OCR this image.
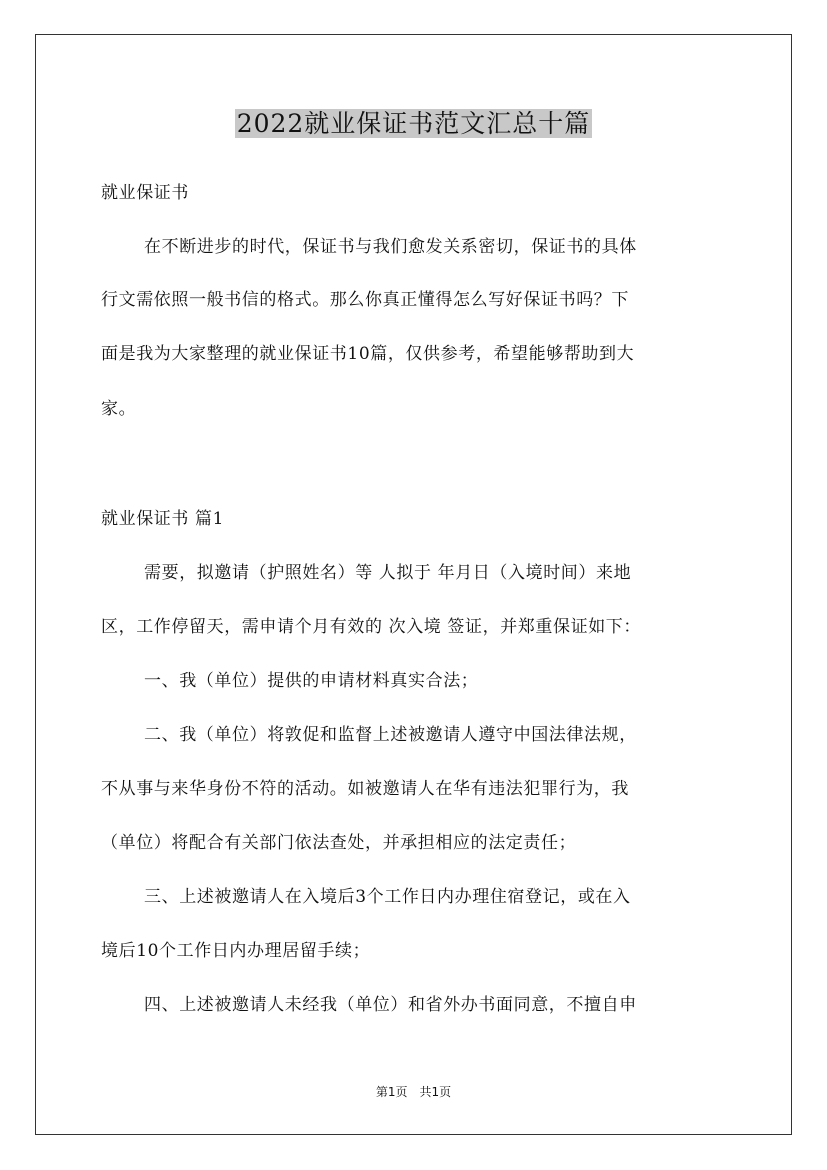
2022就业保证书范文汇总十篇
就业保证书
在不断进步的时代，保证书与我们愈发关系密切，保证书的具体
行文需依照一般书信的格式。那么你真正懂得怎么写好保证书吗？下
面是我为大家整理的就业保证书10篇，仅供参考，希望能够帮助到大
家。
就业保证书 篇1
需要，拟邀请（护照姓名）等 人拟于 年月日（入境时间）来地
区，工作停留天，需申请个月有效的 次入境 签证，并郑重保证如下：
一、我（单位）提供的申请材料真实合法；
二、我（单位）将敦促和监督上述被邀请人遵守中国法律法规，
不从事与来华身份不符的活动。如被邀请人在华有违法犯罪行为，我
（单位）将配合有关部门依法查处，并承担相应的法定责任；
三、上述被邀请人在入境后3个工作日内办理住宿登记，或在入
境后10个工作日内办理居留手续；
四、上述被邀请人未经我（单位）和省外办书面同意，不擅自申
第1页　共1页
